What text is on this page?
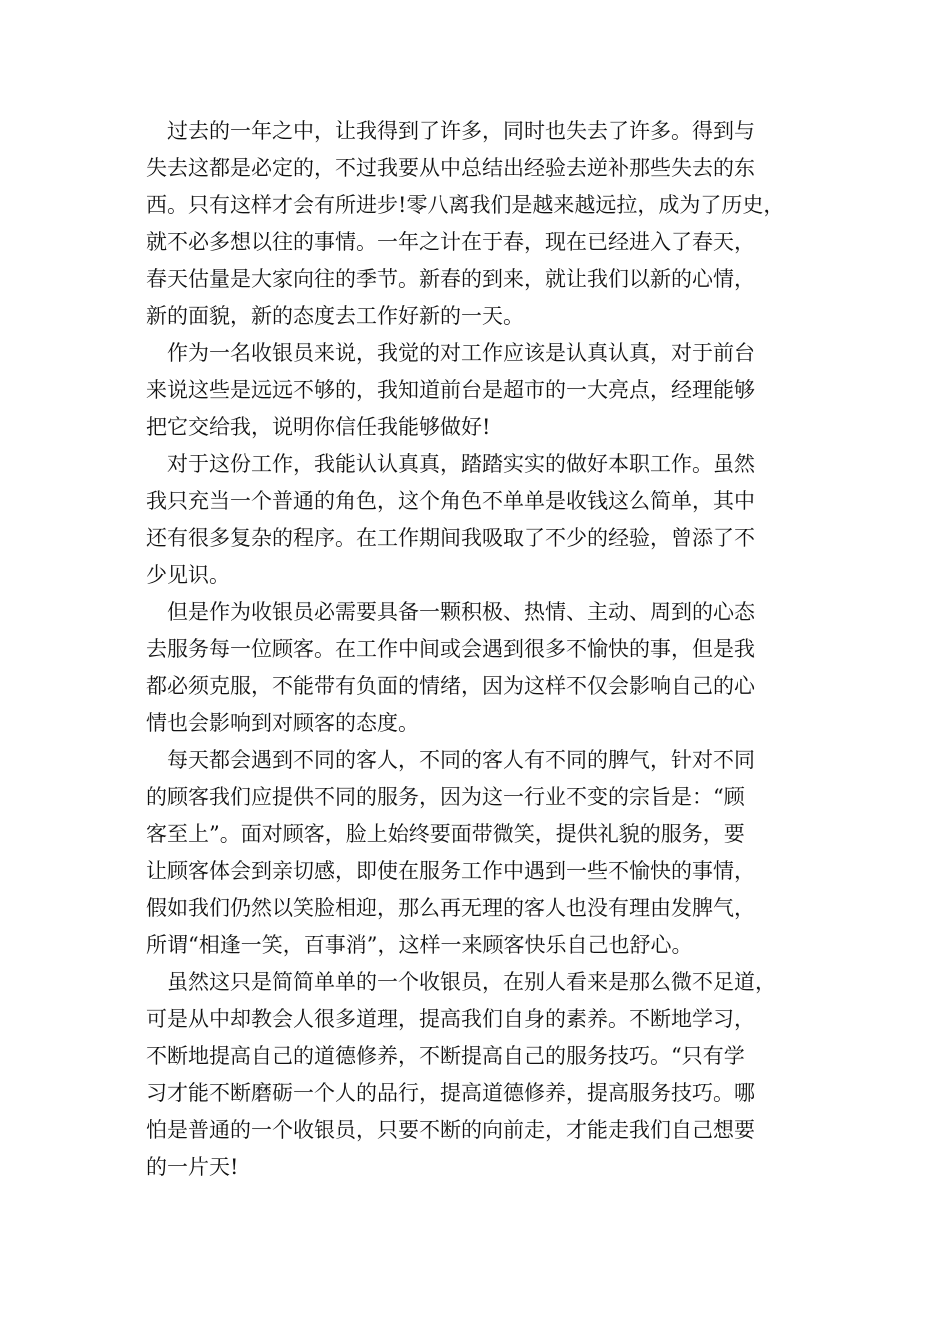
过去的一年之中，让我得到了许多，同时也失去了许多。得到与
失去这都是必定的，不过我要从中总结出经验去逆补那些失去的东
西。只有这样才会有所进步!零八离我们是越来越远拉，成为了历史，
就不必多想以往的事情。一年之计在于春，现在已经进入了春天，
春天估量是大家向往的季节。新春的到来，就让我们以新的心情，
新的面貌，新的态度去工作好新的一天。

作为一名收银员来说，我觉的对工作应该是认真认真，对于前台
来说这些是远远不够的，我知道前台是超市的一大亮点，经理能够
把它交给我，说明你信任我能够做好!

对于这份工作，我能认认真真，踏踏实实的做好本职工作。虽然
我只充当一个普通的角色，这个角色不单单是收钱这么简单，其中
还有很多复杂的程序。在工作期间我吸取了不少的经验，曾添了不
少见识。

但是作为收银员必需要具备一颗积极、热情、主动、周到的心态
去服务每一位顾客。在工作中间或会遇到很多不愉快的事，但是我
都必须克服，不能带有负面的情绪，因为这样不仅会影响自己的心
情也会影响到对顾客的态度。

每天都会遇到不同的客人，不同的客人有不同的脾气，针对不同
的顾客我们应提供不同的服务，因为这一行业不变的宗旨是：“顾
客至上”。面对顾客，脸上始终要面带微笑，提供礼貌的服务，要
让顾客体会到亲切感，即使在服务工作中遇到一些不愉快的事情，
假如我们仍然以笑脸相迎，那么再无理的客人也没有理由发脾气，
所谓“相逢一笑，百事消”，这样一来顾客快乐自己也舒心。

虽然这只是简简单单的一个收银员，在别人看来是那么微不足道，
可是从中却教会人很多道理，提高我们自身的素养。不断地学习，
不断地提高自己的道德修养，不断提高自己的服务技巧。“只有学
习才能不断磨砺一个人的品行，提高道德修养，提高服务技巧。哪
怕是普通的一个收银员，只要不断的向前走，才能走我们自己想要
的一片天!
